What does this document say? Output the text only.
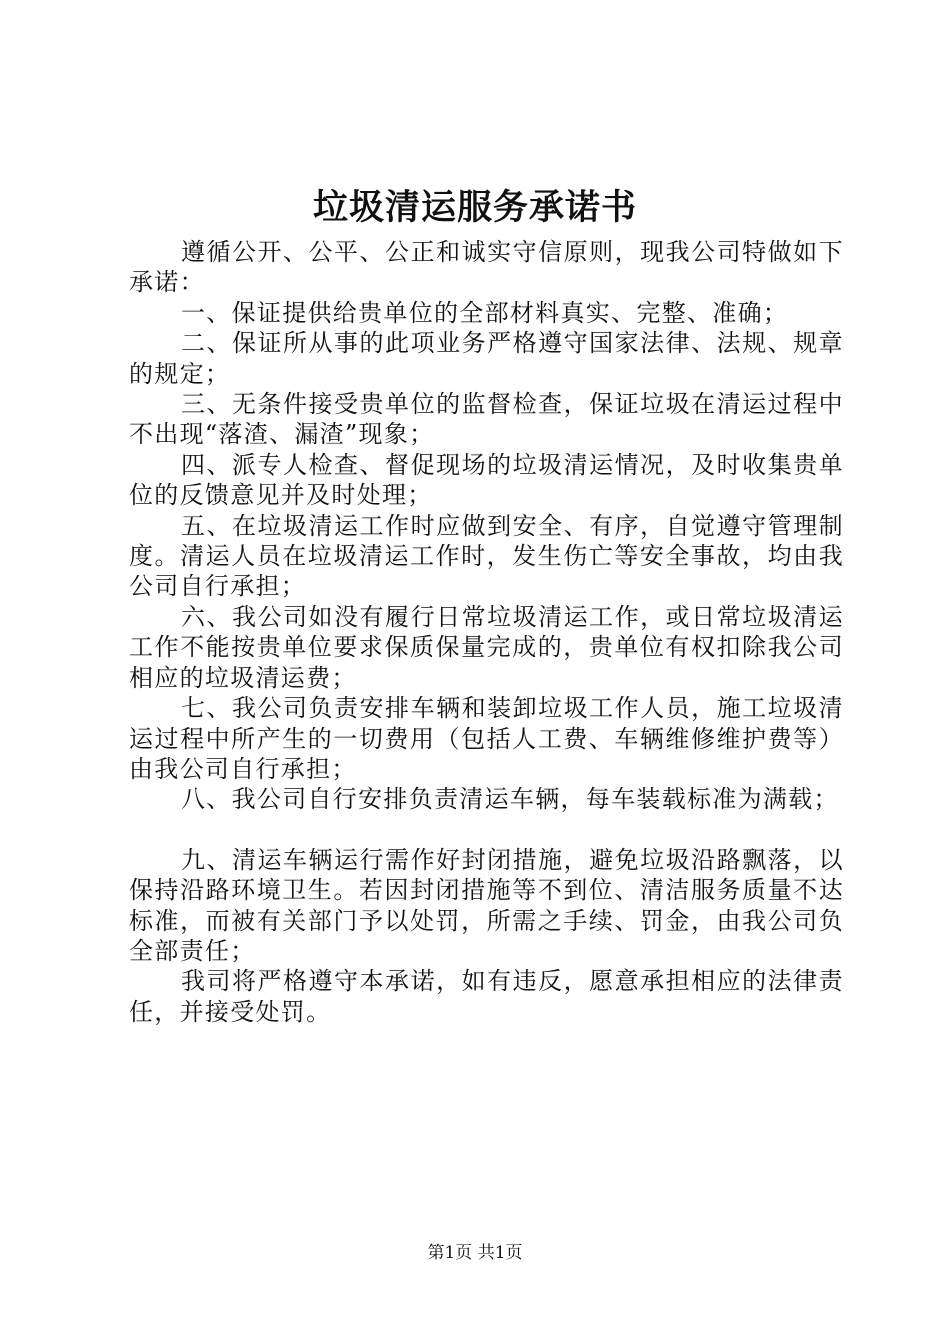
垃圾清运服务承诺书

遵循公开、公平、公正和诚实守信原则，现我公司特做如下承诺：

一、保证提供给贵单位的全部材料真实、完整、准确；

二、保证所从事的此项业务严格遵守国家法律、法规、规章的规定；

三、无条件接受贵单位的监督检查，保证垃圾在清运过程中不出现“落渣、漏渣”现象；

四、派专人检查、督促现场的垃圾清运情况，及时收集贵单位的反馈意见并及时处理；

五、在垃圾清运工作时应做到安全、有序，自觉遵守管理制度。清运人员在垃圾清运工作时，发生伤亡等安全事故，均由我公司自行承担；

六、我公司如没有履行日常垃圾清运工作，或日常垃圾清运工作不能按贵单位要求保质保量完成的，贵单位有权扣除我公司相应的垃圾清运费；

七、我公司负责安排车辆和装卸垃圾工作人员，施工垃圾清运过程中所产生的一切费用（包括人工费、车辆维修维护费等）由我公司自行承担；

八、我公司自行安排负责清运车辆，每车装载标准为满载；

九、清运车辆运行需作好封闭措施，避免垃圾沿路飘落，以保持沿路环境卫生。若因封闭措施等不到位、清洁服务质量不达标准，而被有关部门予以处罚，所需之手续、罚金，由我公司负全部责任；

我司将严格遵守本承诺，如有违反，愿意承担相应的法律责任，并接受处罚。

第1页 共1页
